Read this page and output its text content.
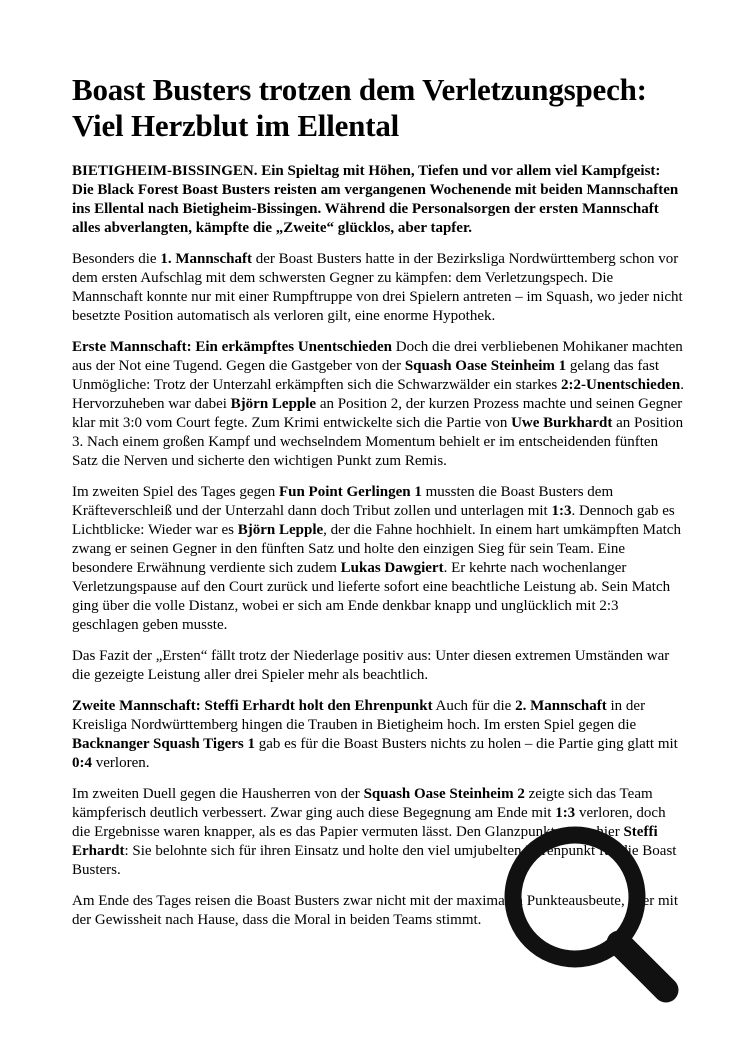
Boast Busters trotzen dem Verletzungspech:
Viel Herzblut im Ellental

BIETIGHEIM-BISSINGEN. Ein Spieltag mit Höhen, Tiefen und vor allem viel Kampfgeist: Die Black Forest Boast Busters reisten am vergangenen Wochenende mit beiden Mannschaften ins Ellental nach Bietigheim-Bissingen. Während die Personalsorgen der ersten Mannschaft alles abverlangten, kämpfte die „Zweite“ glücklos, aber tapfer.

Besonders die 1. Mannschaft der Boast Busters hatte in der Bezirksliga Nordwürttemberg schon vor dem ersten Aufschlag mit dem schwersten Gegner zu kämpfen: dem Verletzungspech. Die Mannschaft konnte nur mit einer Rumpftruppe von drei Spielern antreten – im Squash, wo jeder nicht besetzte Position automatisch als verloren gilt, eine enorme Hypothek.

Erste Mannschaft: Ein erkämpftes Unentschieden Doch die drei verbliebenen Mohikaner machten aus der Not eine Tugend. Gegen die Gastgeber von der Squash Oase Steinheim 1 gelang das fast Unmögliche: Trotz der Unterzahl erkämpften sich die Schwarzwälder ein starkes 2:2-Unentschieden. Hervorzuheben war dabei Björn Lepple an Position 2, der kurzen Prozess machte und seinen Gegner klar mit 3:0 vom Court fegte. Zum Krimi entwickelte sich die Partie von Uwe Burkhardt an Position 3. Nach einem großen Kampf und wechselndem Momentum behielt er im entscheidenden fünften Satz die Nerven und sicherte den wichtigen Punkt zum Remis.

Im zweiten Spiel des Tages gegen Fun Point Gerlingen 1 mussten die Boast Busters dem Kräfteverschleiß und der Unterzahl dann doch Tribut zollen und unterlagen mit 1:3. Dennoch gab es Lichtblicke: Wieder war es Björn Lepple, der die Fahne hochhielt. In einem hart umkämpften Match zwang er seinen Gegner in den fünften Satz und holte den einzigen Sieg für sein Team. Eine besondere Erwähnung verdiente sich zudem Lukas Dawgiert. Er kehrte nach wochenlanger Verletzungspause auf den Court zurück und lieferte sofort eine beachtliche Leistung ab. Sein Match ging über die volle Distanz, wobei er sich am Ende denkbar knapp und unglücklich mit 2:3 geschlagen geben musste.

Das Fazit der „Ersten“ fällt trotz der Niederlage positiv aus: Unter diesen extremen Umständen war die gezeigte Leistung aller drei Spieler mehr als beachtlich.

Zweite Mannschaft: Steffi Erhardt holt den Ehrenpunkt Auch für die 2. Mannschaft in der Kreisliga Nordwürttemberg hingen die Trauben in Bietigheim hoch. Im ersten Spiel gegen die Backnanger Squash Tigers 1 gab es für die Boast Busters nichts zu holen – die Partie ging glatt mit 0:4 verloren.

Im zweiten Duell gegen die Hausherren von der Squash Oase Steinheim 2 zeigte sich das Team kämpferisch deutlich verbessert. Zwar ging auch diese Begegnung am Ende mit 1:3 verloren, doch die Ergebnisse waren knapper, als es das Papier vermuten lässt. Den Glanzpunkt setzte hier Steffi Erhardt: Sie belohnte sich für ihren Einsatz und holte den viel umjubelten Ehrenpunkt für die Boast Busters.

Am Ende des Tages reisen die Boast Busters zwar nicht mit der maximalen Punkteausbeute, aber mit der Gewissheit nach Hause, dass die Moral in beiden Teams stimmt.
